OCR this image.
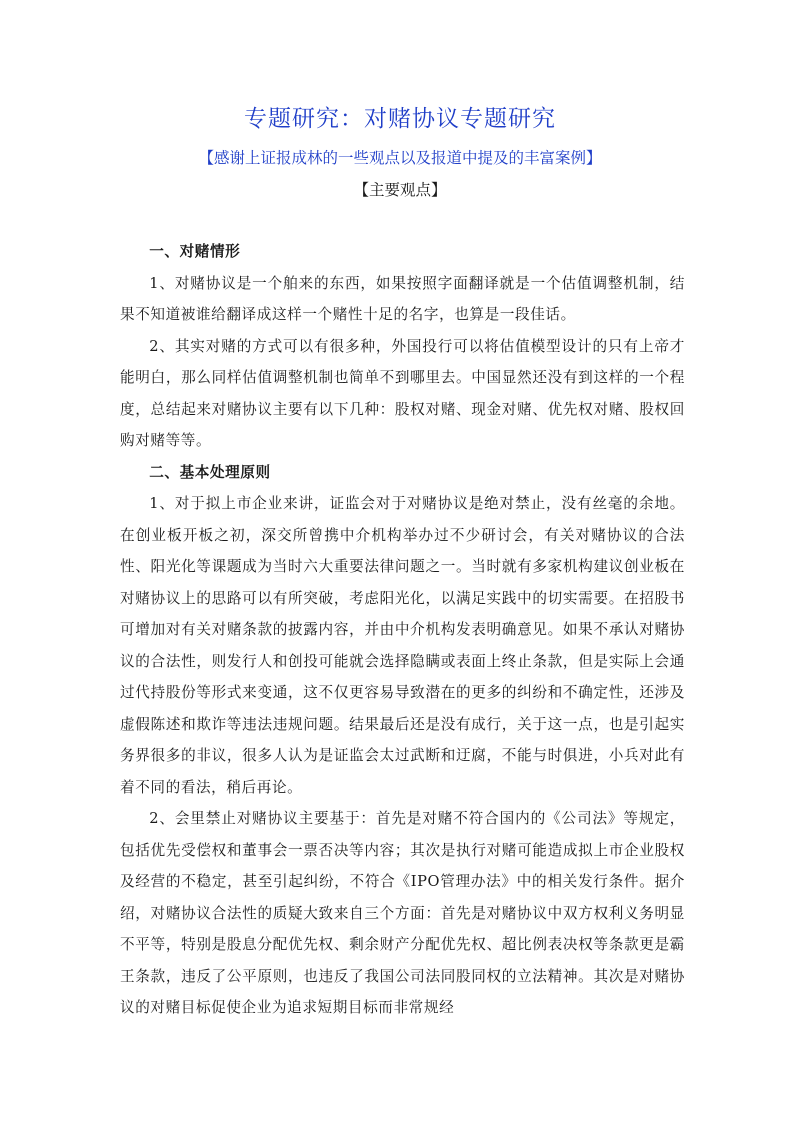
专题研究：对赌协议专题研究
【感谢上证报成林的一些观点以及报道中提及的丰富案例】
【主要观点】
一、对赌情形

1、对赌协议是一个舶来的东西，如果按照字面翻译就是一个估值调整机制，结果不知道被谁给翻译成这样一个赌性十足的名字，也算是一段佳话。

2、其实对赌的方式可以有很多种，外国投行可以将估值模型设计的只有上帝才能明白，那么同样估值调整机制也简单不到哪里去。中国显然还没有到这样的一个程度，总结起来对赌协议主要有以下几种：股权对赌、现金对赌、优先权对赌、股权回购对赌等等。

二、基本处理原则

1、对于拟上市企业来讲，证监会对于对赌协议是绝对禁止，没有丝毫的余地。在创业板开板之初，深交所曾携中介机构举办过不少研讨会，有关对赌协议的合法性、阳光化等课题成为当时六大重要法律问题之一。当时就有多家机构建议创业板在对赌协议上的思路可以有所突破，考虑阳光化，以满足实践中的切实需要。在招股书可增加对有关对赌条款的披露内容，并由中介机构发表明确意见。如果不承认对赌协议的合法性，则发行人和创投可能就会选择隐瞒或表面上终止条款，但是实际上会通过代持股份等形式来变通，这不仅更容易导致潜在的更多的纠纷和不确定性，还涉及虚假陈述和欺诈等违法违规问题。结果最后还是没有成行，关于这一点，也是引起实务界很多的非议，很多人认为是证监会太过武断和迂腐，不能与时俱进，小兵对此有着不同的看法，稍后再论。

2、会里禁止对赌协议主要基于：首先是对赌不符合国内的《公司法》等规定，包括优先受偿权和董事会一票否决等内容；其次是执行对赌可能造成拟上市企业股权及经营的不稳定，甚至引起纠纷，不符合《IPO管理办法》中的相关发行条件。据介绍，对赌协议合法性的质疑大致来自三个方面：首先是对赌协议中双方权利义务明显不平等，特别是股息分配优先权、剩余财产分配优先权、超比例表决权等条款更是霸王条款，违反了公平原则，也违反了我国公司法同股同权的立法精神。其次是对赌协议的对赌目标促使企业为追求短期目标而非常规经
